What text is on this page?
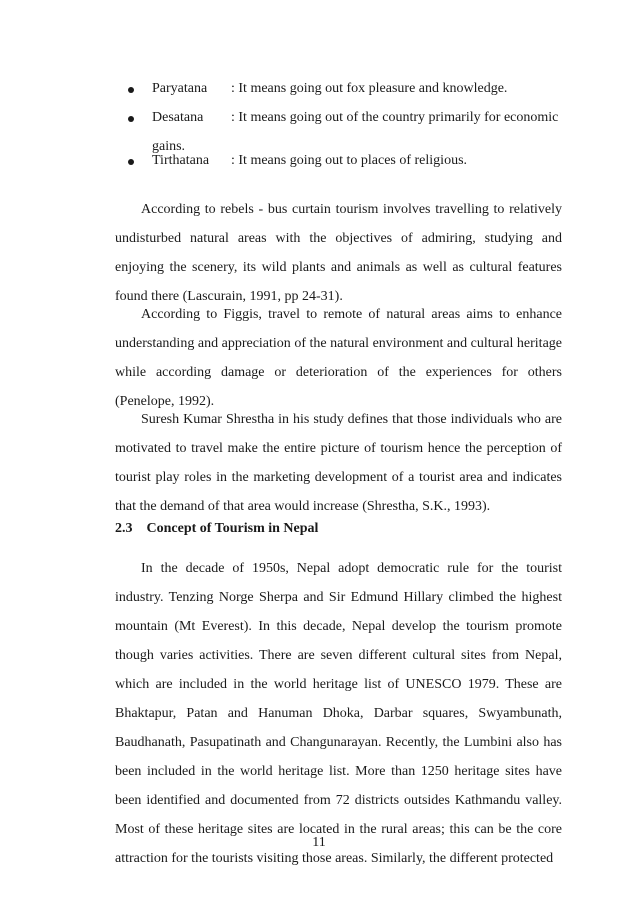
Paryatana : It means going out fox pleasure and knowledge.
Desatana : It means going out of the country primarily for economic
gains.
Tirthatana : It means going out to places of religious.

According to rebels - bus curtain tourism involves travelling to relatively undisturbed natural areas with the objectives of admiring, studying and enjoying the scenery, its wild plants and animals as well as cultural features found there (Lascurain, 1991, pp 24-31).

According to Figgis, travel to remote of natural areas aims to enhance understanding and appreciation of the natural environment and cultural heritage while according damage or deterioration of the experiences for others (Penelope, 1992).

Suresh Kumar Shrestha in his study defines that those individuals who are motivated to travel make the entire picture of tourism hence the perception of tourist play roles in the marketing development of a tourist area and indicates that the demand of that area would increase (Shrestha, S.K., 1993).

2.3 Concept of Tourism in Nepal

In the decade of 1950s, Nepal adopt democratic rule for the tourist industry. Tenzing Norge Sherpa and Sir Edmund Hillary climbed the highest mountain (Mt Everest). In this decade, Nepal develop the tourism promote though varies activities. There are seven different cultural sites from Nepal, which are included in the world heritage list of UNESCO 1979. These are Bhaktapur, Patan and Hanuman Dhoka, Darbar squares, Swyambunath, Baudhanath, Pasupatinath and Changunarayan. Recently, the Lumbini also has been included in the world heritage list. More than 1250 heritage sites have been identified and documented from 72 districts outsides Kathmandu valley. Most of these heritage sites are located in the rural areas; this can be the core attraction for the tourists visiting those areas. Similarly, the different protected

11
